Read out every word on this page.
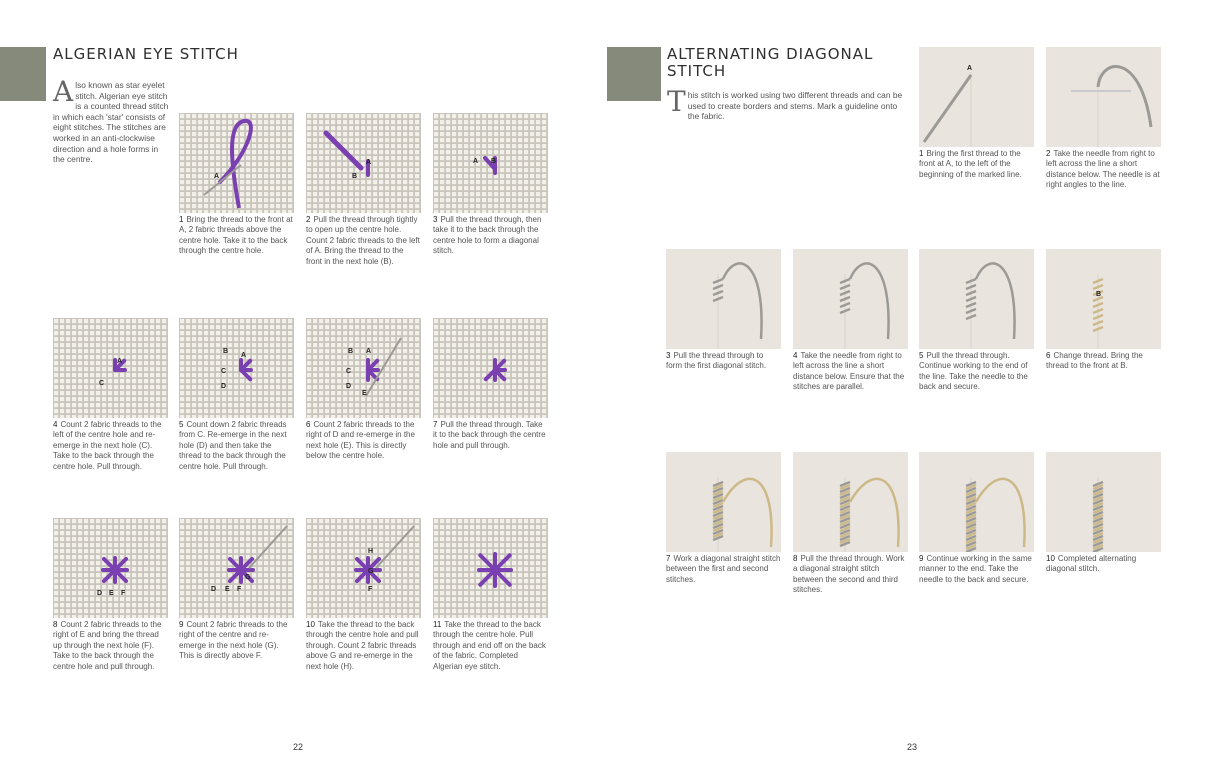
ALGERIAN EYE STITCH
Also known as star eyelet stitch. Algerian eye stitch is a counted thread stitch in which each 'star' consists of eight stitches. The stitches are worked in an anti-clockwise direction and a hole forms in the centre.
A
1 Bring the thread to the front at A, 2 fabric threads above the centre hole. Take it to the back through the centre hole.
A
B
2 Pull the thread through tightly to open up the centre hole. Count 2 fabric threads to the left of A. Bring the thread to the front in the next hole (B).
B
A
3 Pull the thread through, then take it to the back through the centre hole to form a diagonal stitch.
A
C
4 Count 2 fabric threads to the left of the centre hole and re-emerge in the next hole (C). Take to the back through the centre hole. Pull through.
B
A
C
D
5 Count down 2 fabric threads from C. Re-emerge in the next hole (D) and then take the thread to the back through the centre hole. Pull through.
B A
C
D
E
6 Count 2 fabric threads to the right of D and re-emerge in the next hole (E). This is directly below the centre hole.
7 Pull the thread through. Take it to the back through the centre hole and pull through.
D E F
8 Count 2 fabric threads to the right of E and bring the thread up through the next hole (F). Take to the back through the centre hole and pull through.
G
D E F
9 Count 2 fabric threads to the right of the centre and re-emerge in the next hole (G). This is directly above F.
H
G
F
10 Take the thread to the back through the centre hole and pull through. Count 2 fabric threads above G and re-emerge in the next hole (H).
11 Take the thread to the back through the centre hole. Pull through and end off on the back of the fabric. Completed Algerian eye stitch.
22
ALTERNATING DIAGONAL
STITCH
This stitch is worked using two different threads and can be used to create borders and stems. Mark a guideline onto the fabric.
A
1 Bring the first thread to the front at A, to the left of the beginning of the marked line.
2 Take the needle from right to left across the line a short distance below. The needle is at right angles to the line.
3 Pull the thread through to form the first diagonal stitch.
4 Take the needle from right to left across the line a short distance below. Ensure that the stitches are parallel.
5 Pull the thread through. Continue working to the end of the line. Take the needle to the back and secure.
B
6 Change thread. Bring the thread to the front at B.
7 Work a diagonal straight stitch between the first and second stitches.
8 Pull the thread through. Work a diagonal straight stitch between the second and third stitches.
9 Continue working in the same manner to the end. Take the needle to the back and secure.
10 Completed alternating diagonal stitch.
23
